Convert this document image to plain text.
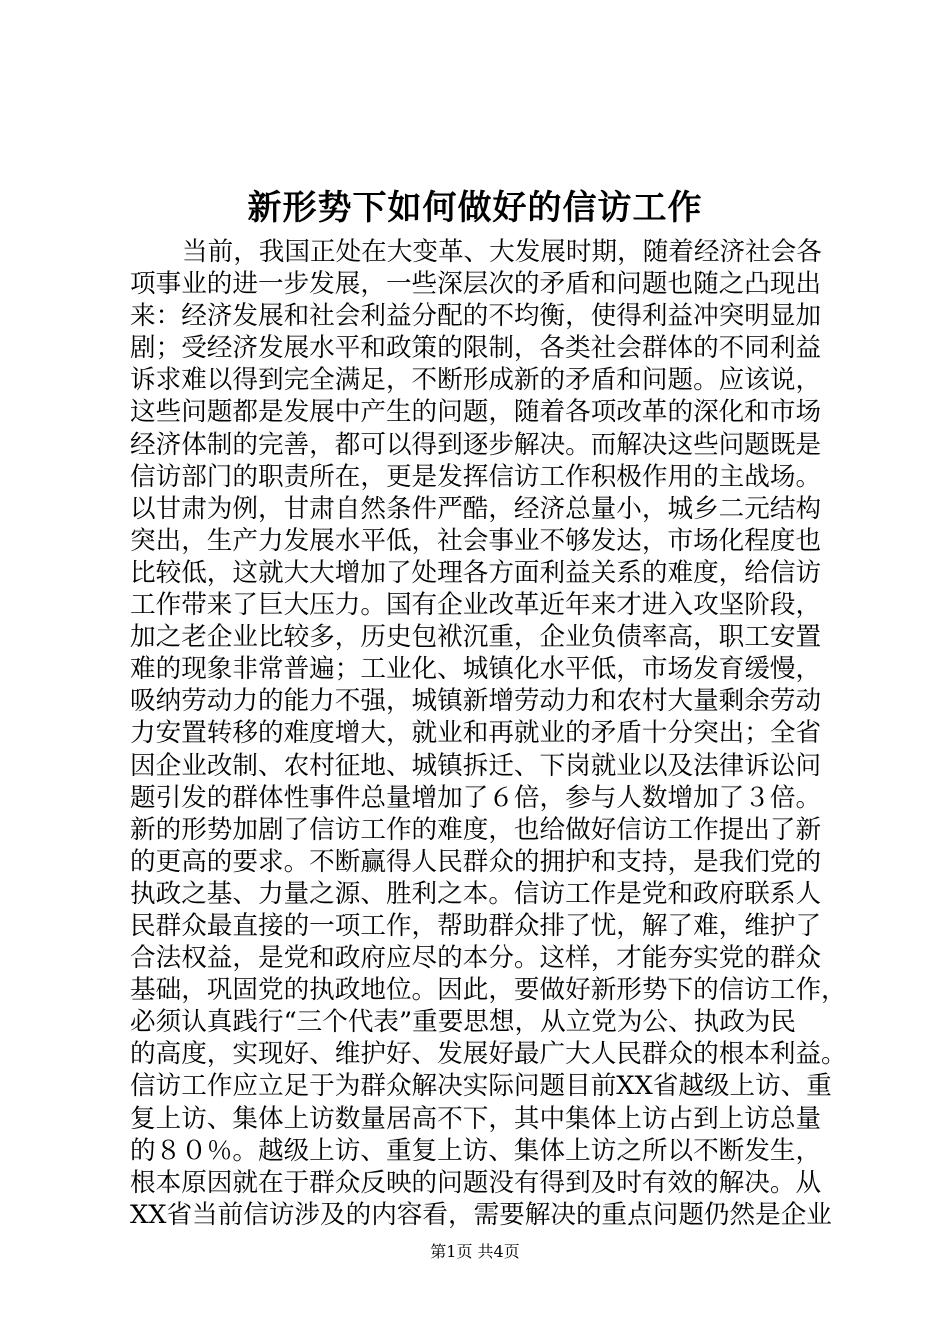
新形势下如何做好的信访工作
当前，我国正处在大变革、大发展时期，随着经济社会各
项事业的进一步发展，一些深层次的矛盾和问题也随之凸现出
来：经济发展和社会利益分配的不均衡，使得利益冲突明显加
剧；受经济发展水平和政策的限制，各类社会群体的不同利益
诉求难以得到完全满足，不断形成新的矛盾和问题。应该说，
这些问题都是发展中产生的问题，随着各项改革的深化和市场
经济体制的完善，都可以得到逐步解决。而解决这些问题既是
信访部门的职责所在，更是发挥信访工作积极作用的主战场。
以甘肃为例，甘肃自然条件严酷，经济总量小，城乡二元结构
突出，生产力发展水平低，社会事业不够发达，市场化程度也
比较低，这就大大增加了处理各方面利益关系的难度，给信访
工作带来了巨大压力。国有企业改革近年来才进入攻坚阶段，
加之老企业比较多，历史包袱沉重，企业负债率高，职工安置
难的现象非常普遍；工业化、城镇化水平低，市场发育缓慢，
吸纳劳动力的能力不强，城镇新增劳动力和农村大量剩余劳动
力安置转移的难度增大，就业和再就业的矛盾十分突出；全省
因企业改制、农村征地、城镇拆迁、下岗就业以及法律诉讼问
题引发的群体性事件总量增加了６倍，参与人数增加了３倍。
新的形势加剧了信访工作的难度，也给做好信访工作提出了新
的更高的要求。不断赢得人民群众的拥护和支持，是我们党的
执政之基、力量之源、胜利之本。信访工作是党和政府联系人
民群众最直接的一项工作，帮助群众排了忧，解了难，维护了
合法权益，是党和政府应尽的本分。这样，才能夯实党的群众
基础，巩固党的执政地位。因此，要做好新形势下的信访工作，
必须认真践行“三个代表”重要思想，从立党为公、执政为民
的高度，实现好、维护好、发展好最广大人民群众的根本利益。
信访工作应立足于为群众解决实际问题目前XX省越级上访、重
复上访、集体上访数量居高不下，其中集体上访占到上访总量
的８０％。越级上访、重复上访、集体上访之所以不断发生，
根本原因就在于群众反映的问题没有得到及时有效的解决。从
XX省当前信访涉及的内容看，需要解决的重点问题仍然是企业
第1页 共4页
